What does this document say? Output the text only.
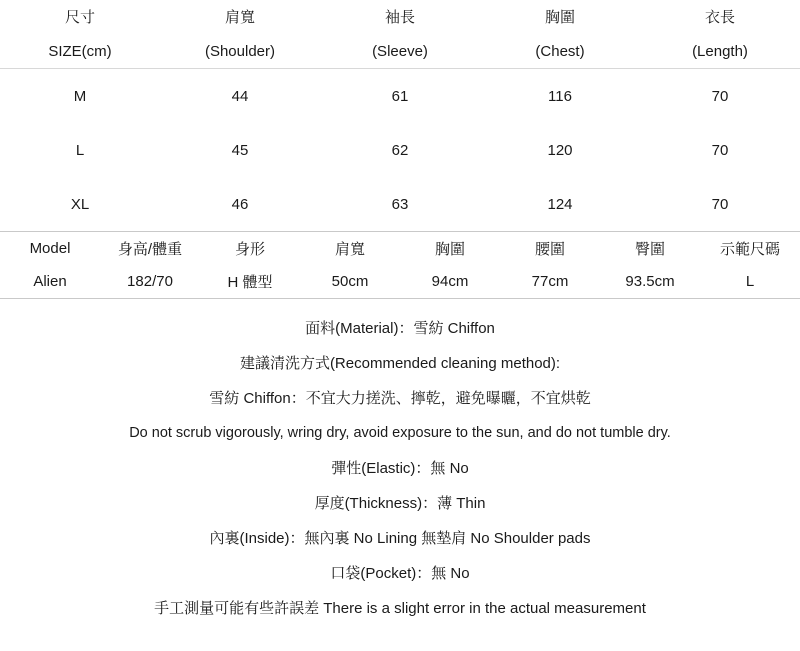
尺寸	肩寬	袖長	胸圍	衣長
SIZE(cm)	(Shoulder)	(Sleeve)	(Chest)	(Length)

M	44	61	116	70
L	45	62	120	70
XL	46	63	124	70
Model	身高/體重	身形	肩寬	胸圍	腰圍	臀圍	示範尺碼
Alien	182/70	H 體型	50cm	94cm	77cm	93.5cm	L
面料(Material)：雪紡 Chiffon
建議清洗方式(Recommended cleaning method):
雪紡 Chiffon：不宜大力搓洗、擰乾，避免曝曬，不宜烘乾
Do not scrub vigorously, wring dry, avoid exposure to the sun, and do not tumble dry.
彈性(Elastic)：無 No
厚度(Thickness)：薄 Thin
內裏(Inside)：無內裏 No Lining 無墊肩 No Shoulder pads
口袋(Pocket)：無 No
手工測量可能有些許誤差 There is a slight error in the actual measurement
